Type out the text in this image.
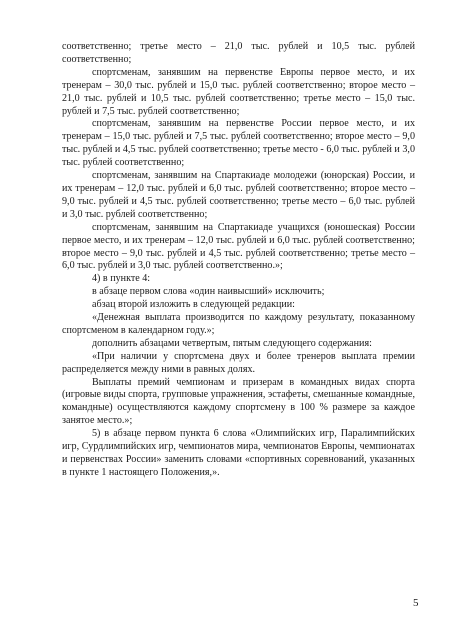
соответственно; третье место – 21,0 тыс. рублей и 10,5 тыс. рублей соответственно;

спортсменам, занявшим на первенстве Европы первое место, и их тренерам – 30,0 тыс. рублей и 15,0 тыс. рублей соответственно; второе место – 21,0 тыс. рублей и 10,5 тыс. рублей соответственно; третье место – 15,0 тыс. рублей и 7,5 тыс. рублей соответственно;

спортсменам, занявшим на первенстве России первое место, и их тренерам – 15,0 тыс. рублей и 7,5 тыс. рублей соответственно; второе место – 9,0 тыс. рублей и 4,5 тыс. рублей соответственно; третье место - 6,0 тыс. рублей и 3,0 тыс. рублей соответственно;

спортсменам, занявшим на Спартакиаде молодежи (юнорская) России, и их тренерам – 12,0 тыс. рублей и 6,0 тыс. рублей соответственно; второе место – 9,0 тыс. рублей и 4,5 тыс. рублей соответственно; третье место – 6,0 тыс. рублей и 3,0 тыс. рублей соответственно;

спортсменам, занявшим на Спартакиаде учащихся (юношеская) России первое место, и их тренерам – 12,0 тыс. рублей и 6,0 тыс. рублей соответственно; второе место – 9,0 тыс. рублей и 4,5 тыс. рублей соответственно; третье место – 6,0 тыс. рублей и 3,0 тыс. рублей соответственно.»;

4) в пункте 4:

в абзаце первом слова «один наивысший» исключить;

абзац второй изложить в следующей редакции:

«Денежная выплата производится по каждому результату, показанному спортсменом в календарном году.»;

дополнить абзацами четвертым, пятым следующего содержания:

«При наличии у спортсмена двух и более тренеров выплата премии распределяется между ними в равных долях.

Выплаты премий чемпионам и призерам в командных видах спорта (игровые виды спорта, групповые упражнения, эстафеты, смешанные командные, командные) осуществляются каждому спортсмену в 100 % размере за каждое занятое место.»;

5) в абзаце первом пункта 6 слова «Олимпийских игр, Паралимпийских игр, Сурдлимпийских игр, чемпионатов мира, чемпионатов Европы, чемпионатах и первенствах России» заменить словами «спортивных соревнований, указанных в пункте 1 настоящего Положения,».

5
